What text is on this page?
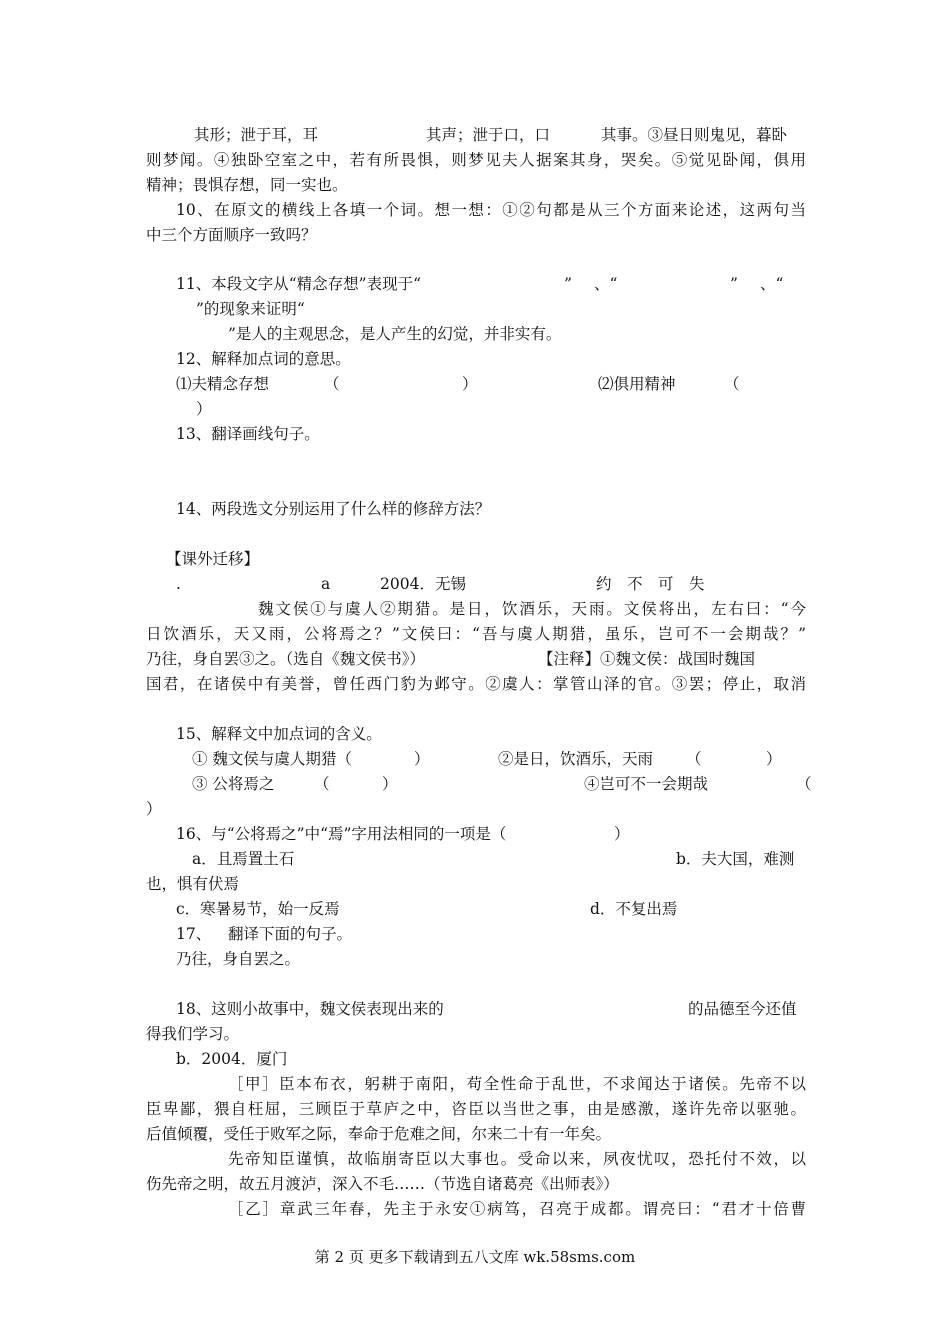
其形；泄于耳，耳	其声；泄于口，口	其事。③昼日则鬼见，暮卧
则梦闻。④独卧空室之中，若有所畏惧，则梦见夫人据案其身，哭矣。⑤觉见卧闻，俱用
精神；畏惧存想，同一实也。
10、在原文的横线上各填一个词。想一想：①②句都是从三个方面来论述，这两句当
中三个方面顺序一致吗？
11、本段文字从“精念存想”表现于“	” 、“	” 、“
”的现象来证明“
”是人的主观思念，是人产生的幻觉，并非实有。
12、解释加点词的意思。
⑴夫精念存想	（	）	⑵俱用精神	（
）
13、翻译画线句子。
14、两段选文分别运用了什么样的修辞方法？
【课外迁移】
.	a	2004．无锡	约　不　可　失
魏文侯①与虞人②期猎。是日，饮酒乐，天雨。文侯将出，左右曰：“今
日饮酒乐，天又雨，公将焉之？”文侯曰：“吾与虞人期猎，虽乐，岂可不一会期哉？”
乃往，身自罢③之。（选自《魏文侯书》）	【注释】①魏文侯：战国时魏国
国君，在诸侯中有美誉，曾任西门豹为邺守。②虞人：掌管山泽的官。③罢；停止，取消
15、解释文中加点词的含义。
① 魏文侯与虞人期猎（	）	②是日，饮酒乐，天雨 （	）
③ 公将焉之	（	）	④岂可不一会期哉	（
）
16、与“公将焉之”中“焉”字用法相同的一项是（	）
a．且焉置土石	b．夫大国，难测
也，惧有伏焉
c．寒暑易节，始一反焉	d．不复出焉
17、 翻译下面的句子。
乃往，身自罢之。
18、这则小故事中，魏文侯表现出来的	的品德至今还值
得我们学习。
b．2004．厦门
［甲］臣本布衣，躬耕于南阳，苟全性命于乱世，不求闻达于诸侯。先帝不以
臣卑鄙，猥自枉屈，三顾臣于草庐之中，咨臣以当世之事，由是感激，遂许先帝以驱驰。
后值倾覆，受任于败军之际，奉命于危难之间，尔来二十有一年矣。
先帝知臣谨慎，故临崩寄臣以大事也。受命以来，夙夜忧叹，恐托付不效，以
伤先帝之明，故五月渡泸，深入不毛……（节选自诸葛亮《出师表》）
［乙］章武三年春，先主于永安①病笃，召亮于成都。谓亮曰：“君才十倍曹
第 2 页 更多下载请到五八文库 wk.58sms.com
